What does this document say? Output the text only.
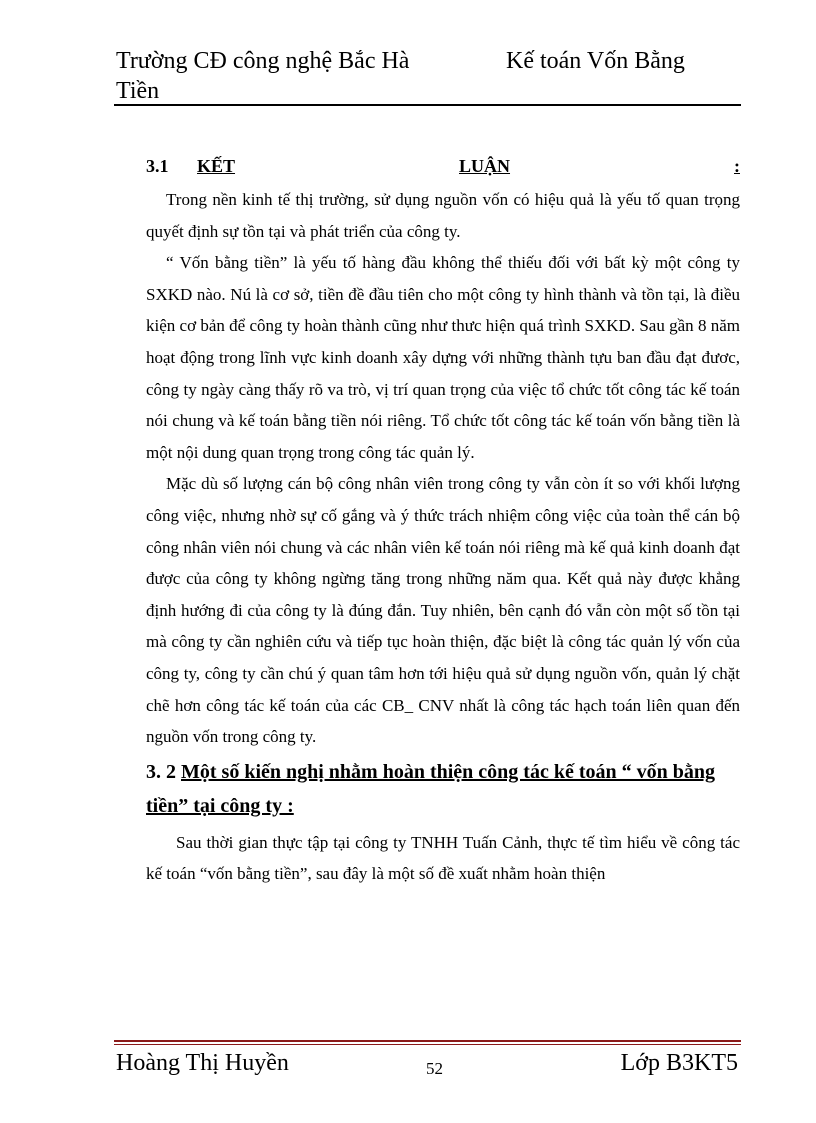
Trường CĐ công nghệ Bắc Hà	Kế toán Vốn Bằng
Tiền
3.1 KẾT	LUẬN	:

Trong nền kinh tế thị trường, sử dụng nguồn vốn có hiệu quả là yếu tố quan trọng quyết định sự tồn tại và phát triển của công ty.

“ Vốn bằng tiền” là yếu tố hàng đầu không thể thiếu đối với bất kỳ một công ty SXKD nào. Nú là cơ sở, tiền đề đầu tiên cho một công ty hình thành và tồn tại, là điều kiện cơ bản để công ty hoàn thành cũng như thưc hiện quá trình SXKD. Sau gần 8 năm hoạt động trong lĩnh vực kinh doanh xây dựng với những thành tựu ban đầu đạt đươc, công ty ngày càng thấy rõ va trò, vị trí quan trọng của việc tổ chức tốt công tác kế toán nói chung và kế toán bằng tiền nói riêng. Tổ chức tốt công tác kế toán vốn bằng tiền là một nội dung quan trọng trong công tác quản lý.

Mặc dù số lượng cán bộ công nhân viên trong công ty vẫn còn ít so với khối lượng công việc, nhưng nhờ sự cố gắng và ý thức trách nhiệm công việc của toàn thể cán bộ công nhân viên nói chung và các nhân viên kế toán nói riêng mà kế quả kinh doanh đạt được của công ty không ngừng tăng trong những năm qua. Kết quả này được khẳng định hướng đi của công ty là đúng đắn. Tuy nhiên, bên cạnh đó vẫn còn một số tồn tại mà công ty cần nghiên cứu và tiếp tục hoàn thiện, đặc biệt là công tác quản lý vốn của công ty, công ty cần chú ý quan tâm hơn tới hiệu quả sử dụng nguồn vốn, quản lý chặt chẽ hơn công tác kế toán của các CB_ CNV nhất là công tác hạch toán liên quan đến nguồn vốn trong công ty.

3. 2 Một số kiến nghị nhằm hoàn thiện công tác kế toán “ vốn bằng tiền” tại công ty :

Sau thời gian thực tập tại công ty TNHH Tuấn Cảnh, thực tế tìm hiểu về công tác kế toán “vốn bằng tiền”, sau đây là một số đề xuất nhằm hoàn thiện

Hoàng Thị Huyền	52	Lớp B3KT5
